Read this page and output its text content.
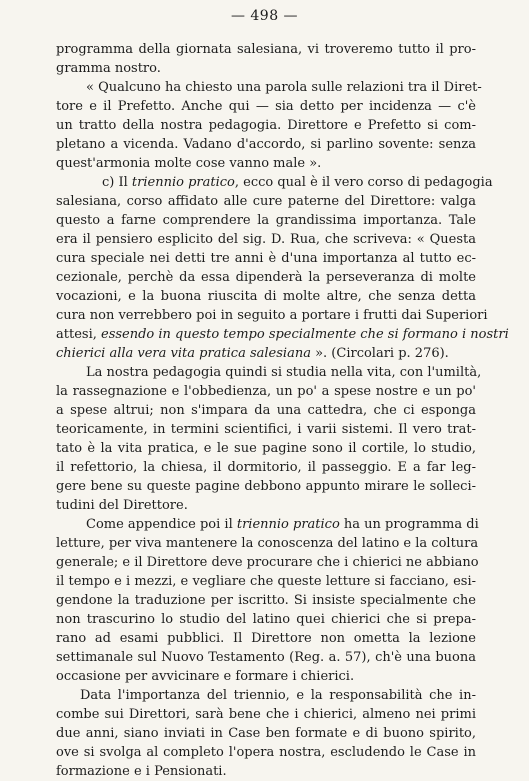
— 498 —
programma della giornata salesiana, vi troveremo tutto il pro-
gramma nostro.
« Qualcuno ha chiesto una parola sulle relazioni tra il Diret-
tore e il Prefetto. Anche qui — sia detto per incidenza — c'è
un tratto della nostra pedagogia. Direttore e Prefetto si com-
pletano a vicenda. Vadano d'accordo, si parlino sovente: senza
quest'armonia molte cose vanno male ».
c) Il triennio pratico, ecco qual è il vero corso di pedagogia
salesiana, corso affidato alle cure paterne del Direttore: valga
questo a farne comprendere la grandissima importanza. Tale
era il pensiero esplicito del sig. D. Rua, che scriveva: « Questa
cura speciale nei detti tre anni è d'una importanza al tutto ec-
cezionale, perchè da essa dipenderà la perseveranza di molte
vocazioni, e la buona riuscita di molte altre, che senza detta
cura non verrebbero poi in seguito a portare i frutti dai Superiori
attesi, essendo in questo tempo specialmente che si formano i nostri
chierici alla vera vita pratica salesiana ». (Circolari p. 276).
La nostra pedagogia quindi si studia nella vita, con l'umiltà,
la rassegnazione e l'obbedienza, un po' a spese nostre e un po'
a spese altrui; non s'impara da una cattedra, che ci esponga
teoricamente, in termini scientifici, i varii sistemi. Il vero trat-
tato è la vita pratica, e le sue pagine sono il cortile, lo studio,
il refettorio, la chiesa, il dormitorio, il passeggio. E a far leg-
gere bene su queste pagine debbono appunto mirare le solleci-
tudini del Direttore.
Come appendice poi il triennio pratico ha un programma di
letture, per viva mantenere la conoscenza del latino e la coltura
generale; e il Direttore deve procurare che i chierici ne abbiano
il tempo e i mezzi, e vegliare che queste letture si facciano, esi-
gendone la traduzione per iscritto. Si insiste specialmente che
non trascurino lo studio del latino quei chierici che si prepa-
rano ad esami pubblici. Il Direttore non ometta la lezione
settimanale sul Nuovo Testamento (Reg. a. 57), ch'è una buona
occasione per avvicinare e formare i chierici.
Data l'importanza del triennio, e la responsabilità che in-
combe sui Direttori, sarà bene che i chierici, almeno nei primi
due anni, siano inviati in Case ben formate e di buono spirito,
ove si svolga al completo l'opera nostra, escludendo le Case in
formazione e i Pensionati.
